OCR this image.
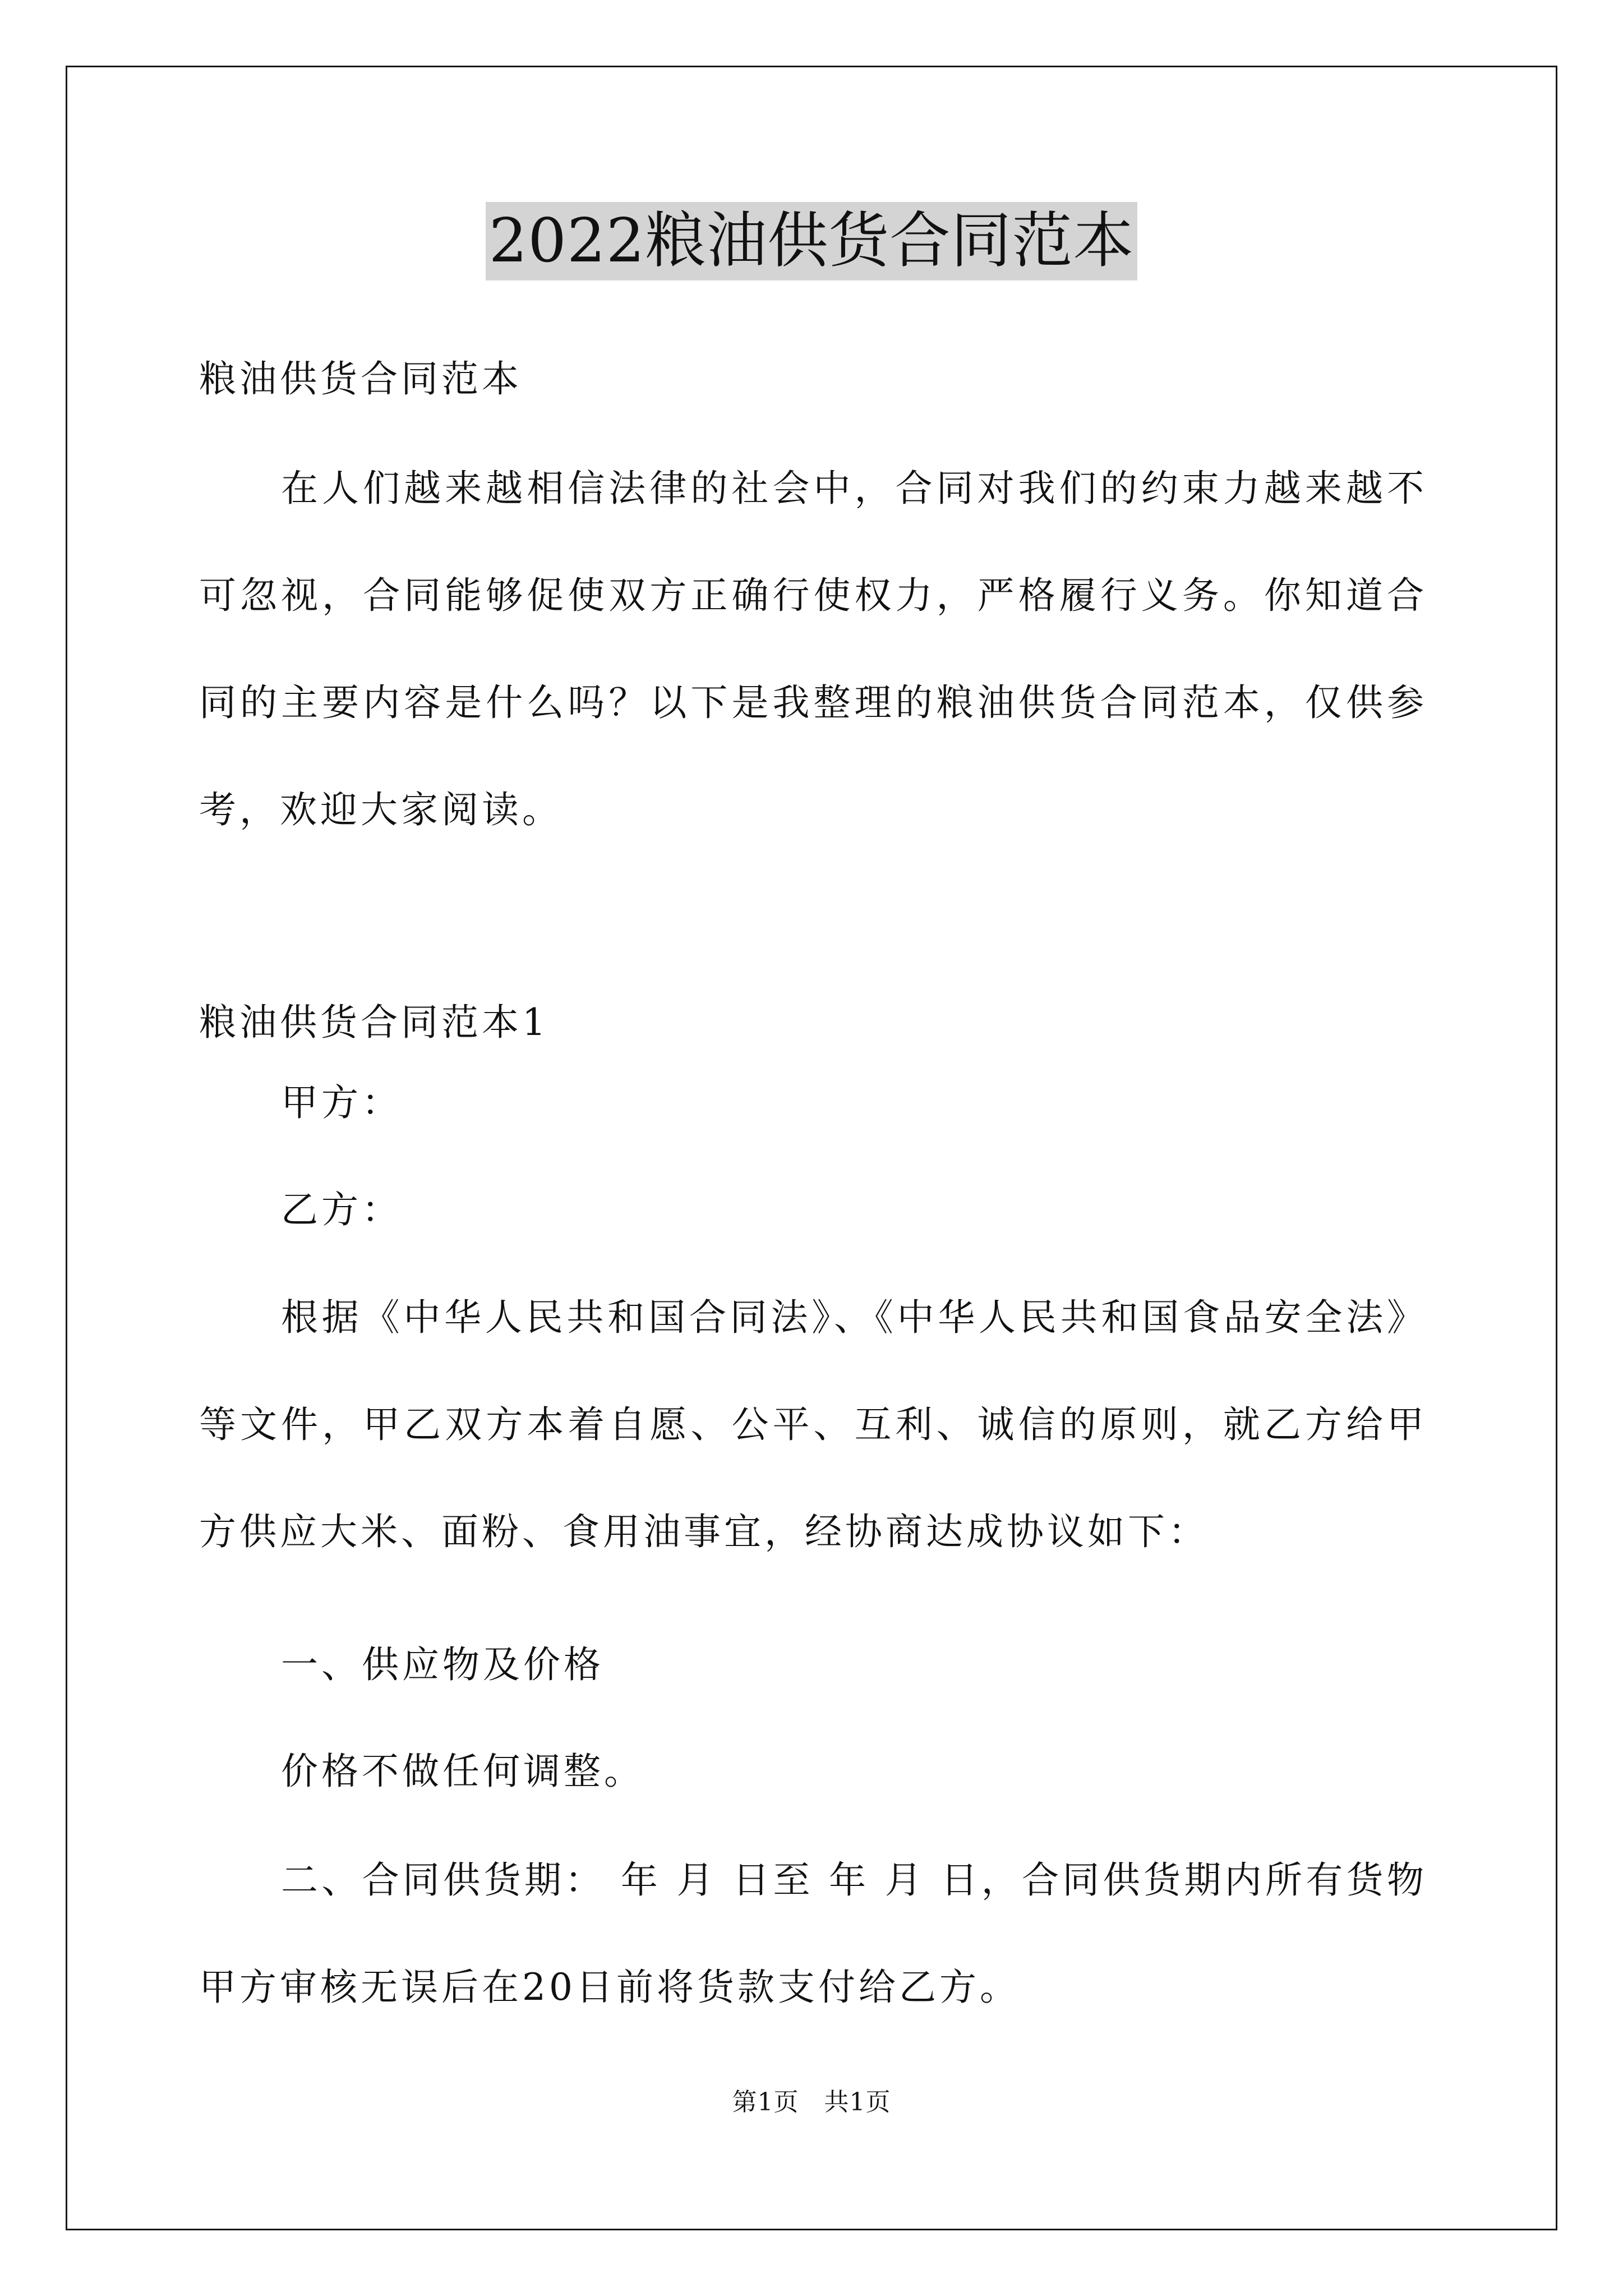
2022粮油供货合同范本
粮油供货合同范本
在人们越来越相信法律的社会中，合同对我们的约束力越来越不可忽视，合同能够促使双方正确行使权力，严格履行义务。你知道合同的主要内容是什么吗？以下是我整理的粮油供货合同范本，仅供参考，欢迎大家阅读。
粮油供货合同范本1
甲方：
乙方：
根据《中华人民共和国合同法》、《中华人民共和国食品安全法》等文件，甲乙双方本着自愿、公平、互利、诚信的原则，就乙方给甲方供应大米、面粉、食用油事宜，经协商达成协议如下：
一、供应物及价格
价格不做任何调整。
二、合同供货期： 年 月 日至 年 月 日，合同供货期内所有货物甲方审核无误后在20日前将货款支付给乙方。
第1页　共1页
